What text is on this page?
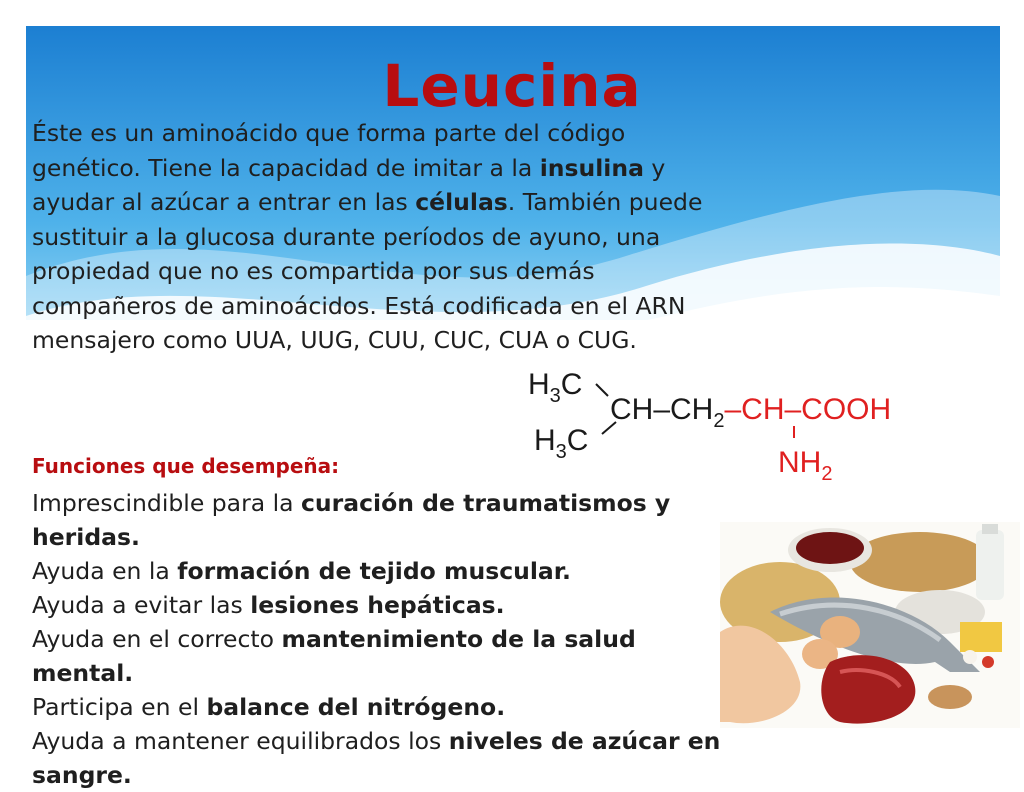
Leucina

Éste es un aminoácido que forma parte del código genético. Tiene la capacidad de imitar a la insulina y ayudar al azúcar a entrar en las células. También puede sustituir a la glucosa durante períodos de ayuno, una propiedad que no es compartida por sus demás compañeros de aminoácidos. Está codificada en el ARN mensajero como UUA, UUG, CUU, CUC, CUA o CUG.

$H_3C$
$H_3C$
$CH-CH_2-CH$–COOH
$NH_2$

Funciones que desempeña:

Imprescindible para la curación de traumatismos y heridas.
Ayuda en la formación de tejido muscular.
Ayuda a evitar las lesiones hepáticas.
Ayuda en el correcto mantenimiento de la salud mental.
Participa en el balance del nitrógeno.
Ayuda a mantener equilibrados los niveles de azúcar en sangre.
